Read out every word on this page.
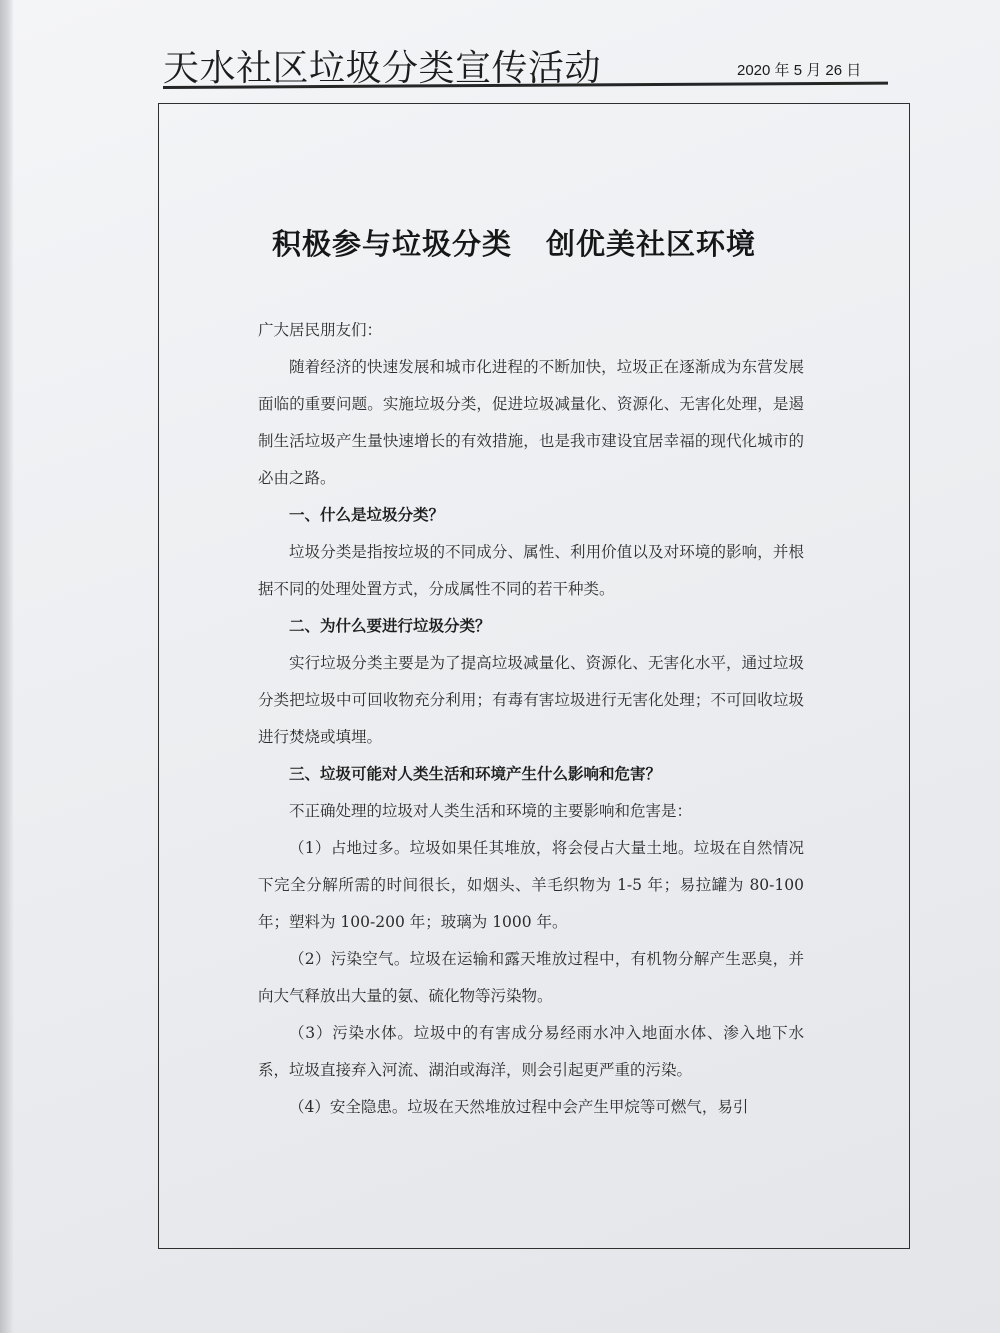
天水社区垃圾分类宣传活动	2020 年 5 月 26 日
积极参与垃圾分类 创优美社区环境

广大居民朋友们：

随着经济的快速发展和城市化进程的不断加快，垃圾正在逐渐成为东营发展面临的重要问题。实施垃圾分类，促进垃圾减量化、资源化、无害化处理，是遏制生活垃圾产生量快速增长的有效措施，也是我市建设宜居幸福的现代化城市的必由之路。

一、什么是垃圾分类？

垃圾分类是指按垃圾的不同成分、属性、利用价值以及对环境的影响，并根据不同的处理处置方式，分成属性不同的若干种类。

二、为什么要进行垃圾分类？

实行垃圾分类主要是为了提高垃圾减量化、资源化、无害化水平，通过垃圾分类把垃圾中可回收物充分利用；有毒有害垃圾进行无害化处理；不可回收垃圾进行焚烧或填埋。

三、垃圾可能对人类生活和环境产生什么影响和危害？

不正确处理的垃圾对人类生活和环境的主要影响和危害是：

（1）占地过多。垃圾如果任其堆放，将会侵占大量土地。垃圾在自然情况下完全分解所需的时间很长，如烟头、羊毛织物为 1-5 年；易拉罐为 80-100 年；塑料为 100-200 年；玻璃为 1000 年。

（2）污染空气。垃圾在运输和露天堆放过程中，有机物分解产生恶臭，并向大气释放出大量的氨、硫化物等污染物。

（3）污染水体。垃圾中的有害成分易经雨水冲入地面水体、渗入地下水系，垃圾直接弃入河流、湖泊或海洋，则会引起更严重的污染。

（4）安全隐患。垃圾在天然堆放过程中会产生甲烷等可燃气，易引
